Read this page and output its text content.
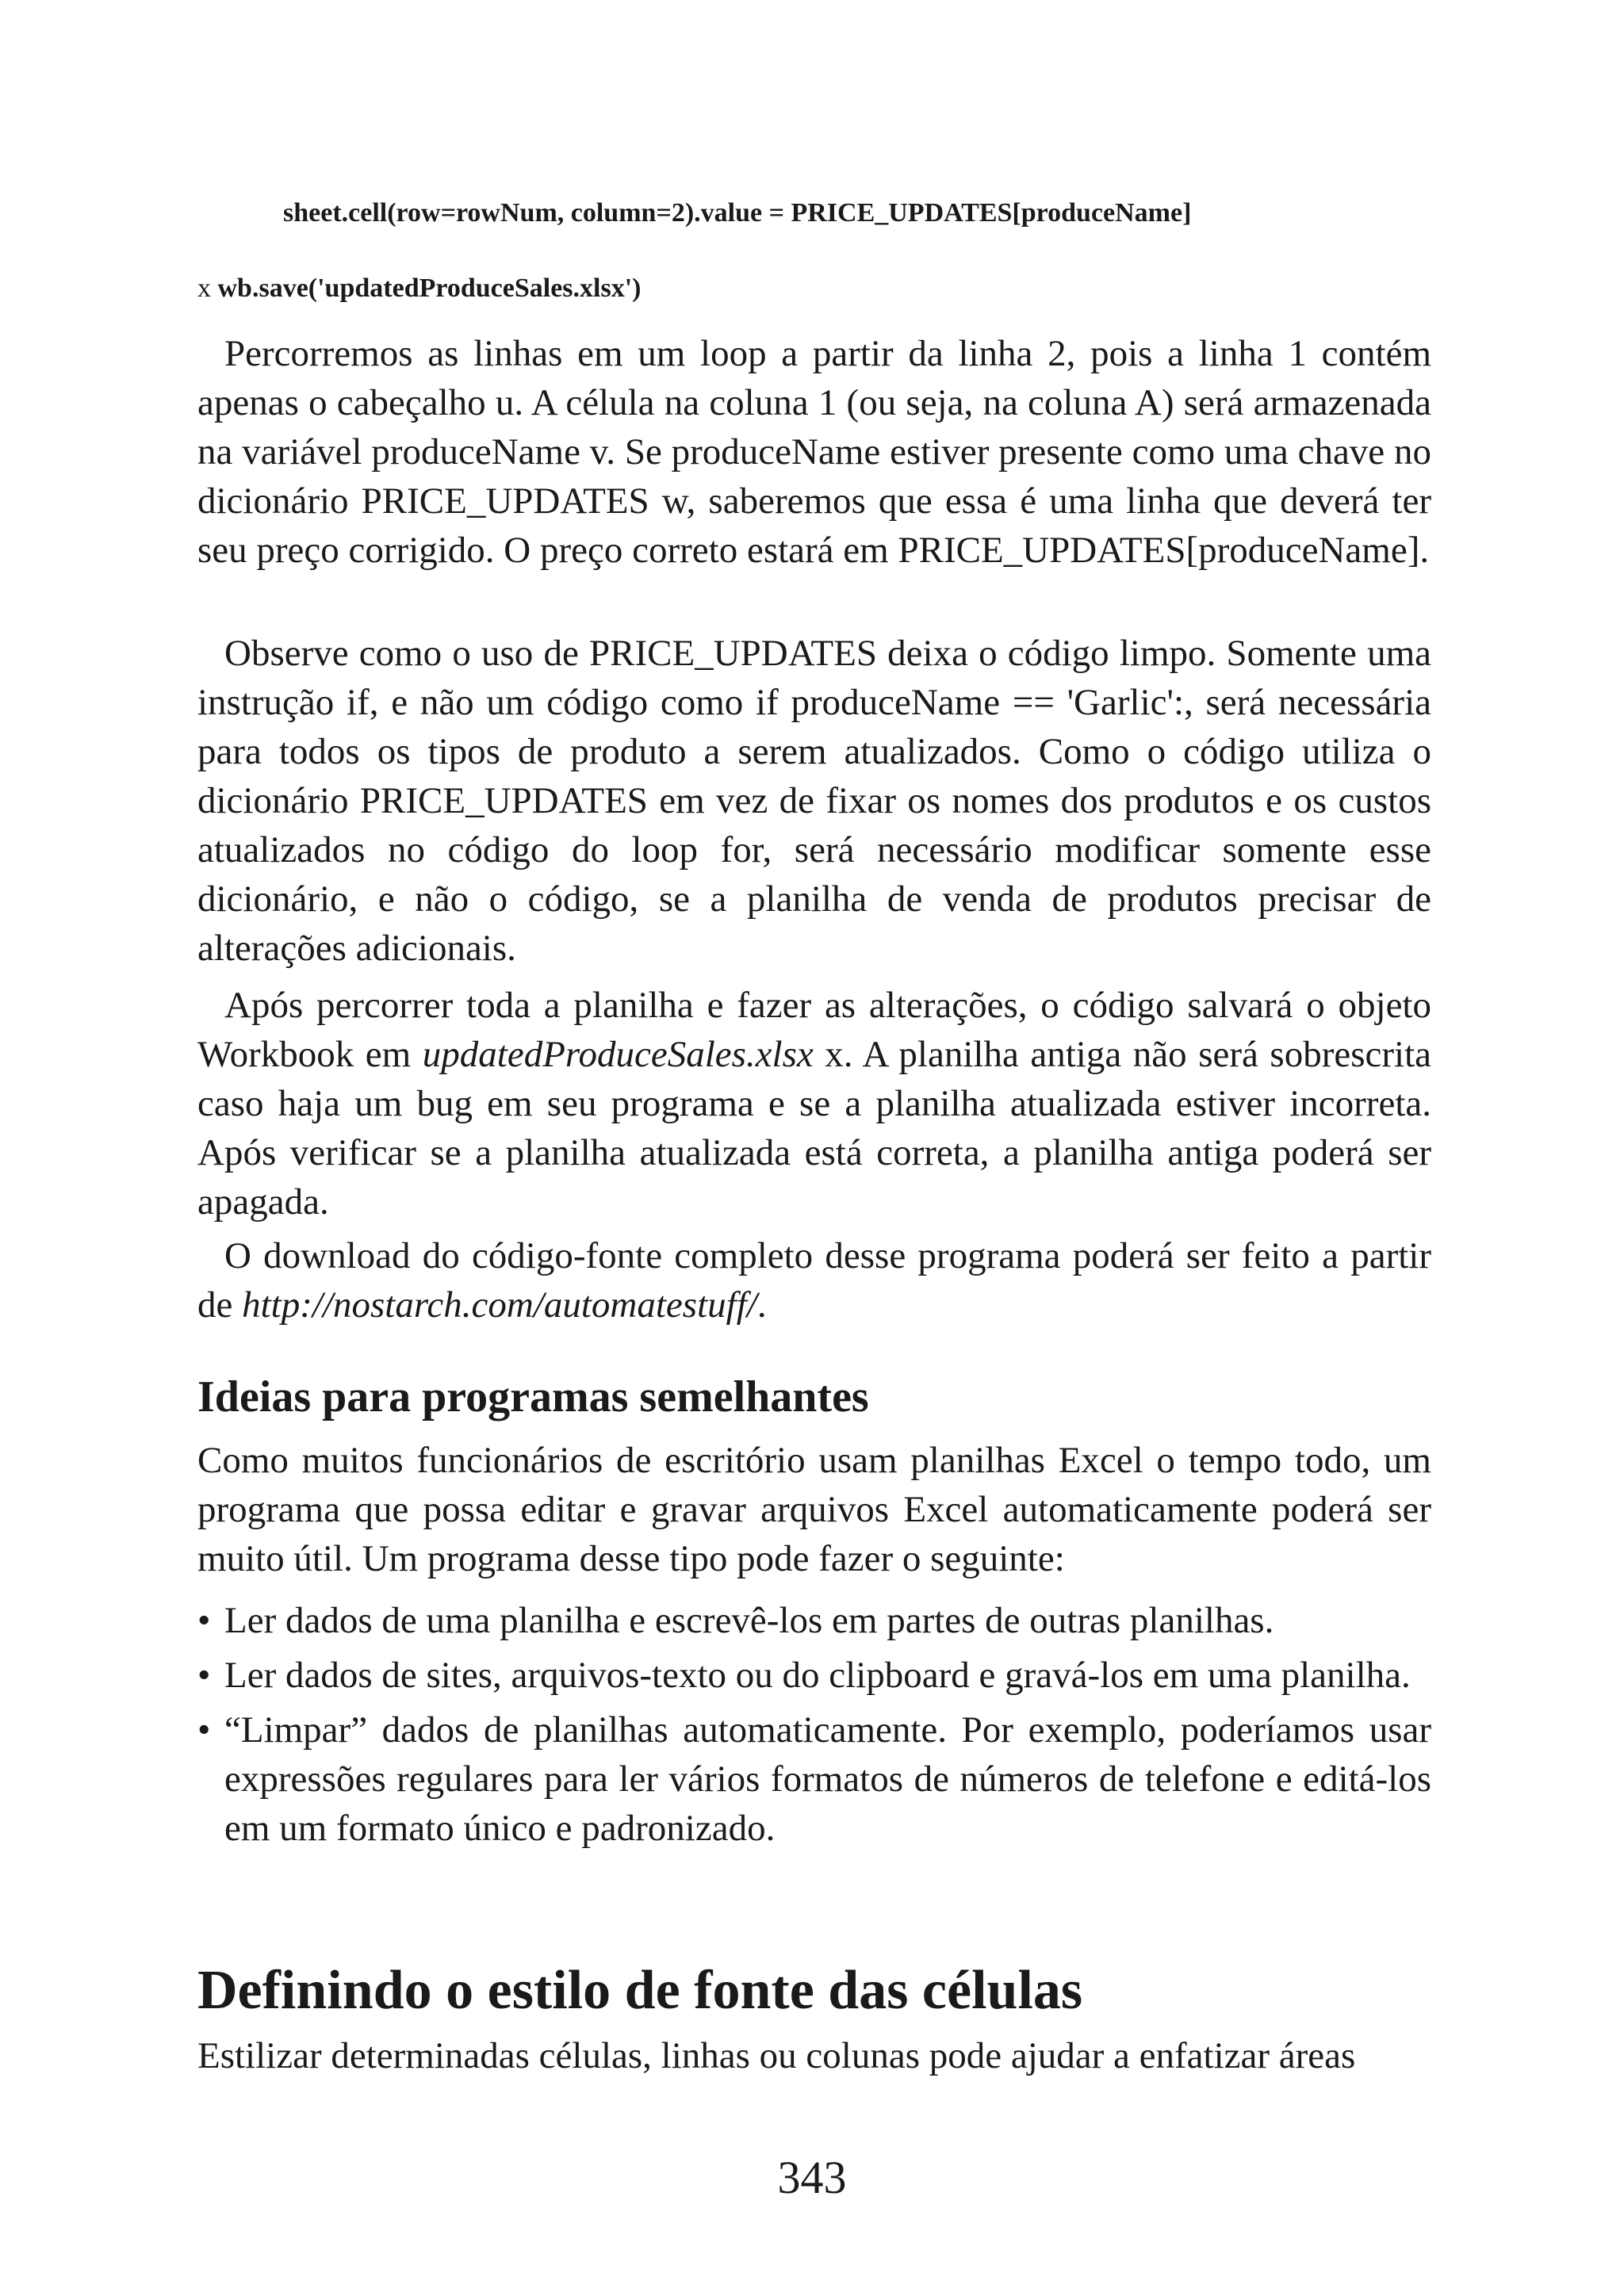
sheet.cell(row=rowNum, column=2).value = PRICE_UPDATES[produceName]
x wb.save('updatedProduceSales.xlsx')
Percorremos as linhas em um loop a partir da linha 2, pois a linha 1 contém apenas o cabeçalho u. A célula na coluna 1 (ou seja, na coluna A) será armazenada na variável produceName v. Se produceName estiver presente como uma chave no dicionário PRICE_UPDATES w, saberemos que essa é uma linha que deverá ter seu preço corrigido. O preço correto estará em PRICE_UPDATES[produceName].
Observe como o uso de PRICE_UPDATES deixa o código limpo. Somente uma instrução if, e não um código como if produceName == 'Garlic':, será necessária para todos os tipos de produto a serem atualizados. Como o código utiliza o dicionário PRICE_UPDATES em vez de fixar os nomes dos produtos e os custos atualizados no código do loop for, será necessário modificar somente esse dicionário, e não o código, se a planilha de venda de produtos precisar de alterações adicionais.
Após percorrer toda a planilha e fazer as alterações, o código salvará o objeto Workbook em updatedProduceSales.xlsx x. A planilha antiga não será sobrescrita caso haja um bug em seu programa e se a planilha atualizada estiver incorreta. Após verificar se a planilha atualizada está correta, a planilha antiga poderá ser apagada.
O download do código-fonte completo desse programa poderá ser feito a partir de http://nostarch.com/automatestuff/.
Ideias para programas semelhantes
Como muitos funcionários de escritório usam planilhas Excel o tempo todo, um programa que possa editar e gravar arquivos Excel automaticamente poderá ser muito útil. Um programa desse tipo pode fazer o seguinte:
• Ler dados de uma planilha e escrevê-los em partes de outras planilhas.
• Ler dados de sites, arquivos-texto ou do clipboard e gravá-los em uma planilha.
• “Limpar” dados de planilhas automaticamente. Por exemplo, poderíamos usar expressões regulares para ler vários formatos de números de telefone e editá-los em um formato único e padronizado.
Definindo o estilo de fonte das células
Estilizar determinadas células, linhas ou colunas pode ajudar a enfatizar áreas
343
